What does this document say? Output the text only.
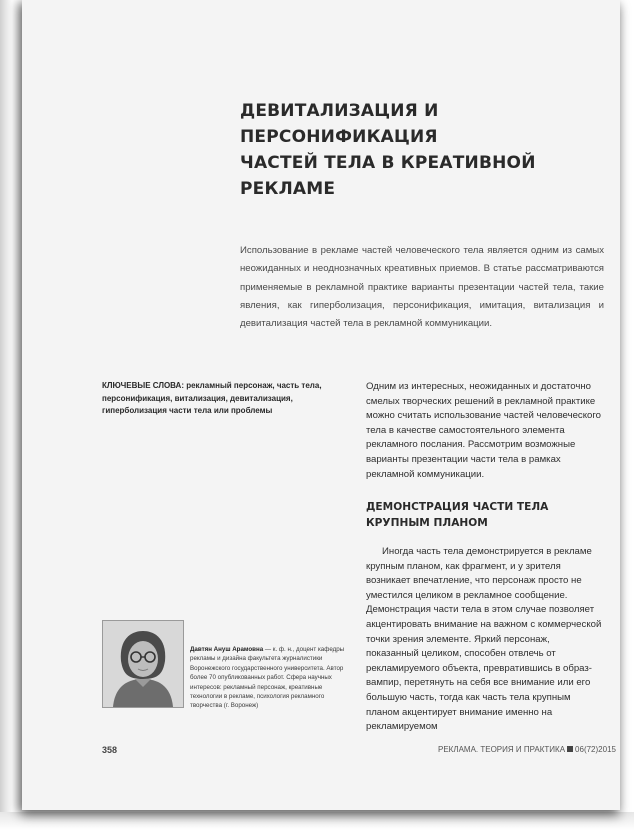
ДЕВИТАЛИЗАЦИЯ И ПЕРСОНИФИКАЦИЯ
ЧАСТЕЙ ТЕЛА В КРЕАТИВНОЙ РЕКЛАМЕ

Использование в рекламе частей человеческого тела является одним из самых неожиданных и неоднозначных креативных приемов. В статье рассматриваются применяемые в рекламной практике варианты презентации частей тела, такие явления, как гиперболизация, персонификация, имитация, витализация и девитализация частей тела в рекламной коммуникации.

КЛЮЧЕВЫЕ СЛОВА: рекламный персонаж, часть тела, персонификация, витализация, девитализация, гиперболизация части тела или проблемы

Одним из интересных, неожиданных и достаточно смелых творческих решений в рекламной практике можно считать использование частей человеческого тела в качестве самостоятельного элемента рекламного послания. Рассмотрим возможные варианты презентации части тела в рамках рекламной коммуникации.

ДЕМОНСТРАЦИЯ ЧАСТИ ТЕЛА КРУПНЫМ ПЛАНОМ

Иногда часть тела демонстрируется в рекламе крупным планом, как фрагмент, и у зрителя возникает впечатление, что персонаж просто не уместился целиком в рекламное сообщение. Демонстрация части тела в этом случае позволяет акцентировать внимание на важном с коммерческой точки зрения элементе. Яркий персонаж, показанный целиком, способен отвлечь от рекламируемого объекта, превратившись в образ-вампир, перетянуть на себя все внимание или его большую часть, тогда как часть тела крупным планом акцентирует внимание именно на рекламируемом

Давтян Ануш Арамовна — к. ф. н., доцент кафедры рекламы и дизайна факультета журналистики Воронежского государственного университета. Автор более 70 опубликованных работ. Сфера научных интересов: рекламный персонаж, креативные технологии в рекламе, психология рекламного творчества (г. Воронеж)

358	РЕКЛАМА. ТЕОРИЯ И ПРАКТИКА 06(72)2015
